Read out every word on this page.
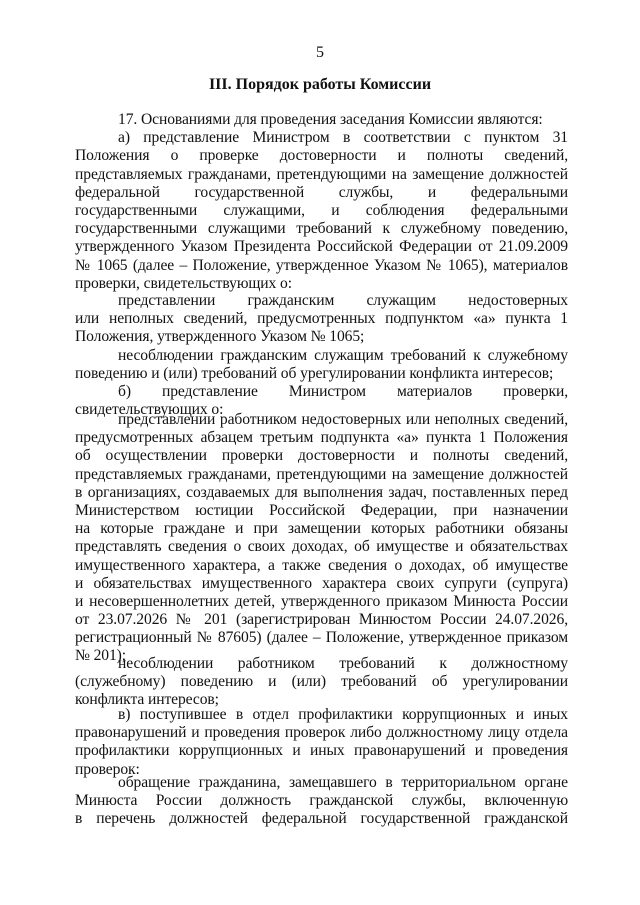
5
III. Порядок работы Комиссии
17. Основаниями для проведения заседания Комиссии являются:
а) представление Министром в соответствии с пунктом 31
Положения о проверке достоверности и полноты сведений,
представляемых гражданами, претендующими на замещение должностей
федеральной государственной службы, и федеральными
государственными служащими, и соблюдения федеральными
государственными служащими требований к служебному поведению,
утвержденного Указом Президента Российской Федерации от 21.09.2009
№ 1065 (далее – Положение, утвержденное Указом № 1065), материалов
проверки, свидетельствующих о:
представлении гражданским служащим недостоверных
или неполных сведений, предусмотренных подпунктом «а» пункта 1
Положения, утвержденного Указом № 1065;
несоблюдении гражданским служащим требований к служебному
поведению и (или) требований об урегулировании конфликта интересов;
б) представление Министром материалов проверки,
свидетельствующих о:
представлении работником недостоверных или неполных сведений,
предусмотренных абзацем третьим подпункта «а» пункта 1 Положения
об осуществлении проверки достоверности и полноты сведений,
представляемых гражданами, претендующими на замещение должностей
в организациях, создаваемых для выполнения задач, поставленных перед
Министерством юстиции Российской Федерации, при назначении
на которые граждане и при замещении которых работники обязаны
представлять сведения о своих доходах, об имуществе и обязательствах
имущественного характера, а также сведения о доходах, об имуществе
и обязательствах имущественного характера своих супруги (супруга)
и несовершеннолетних детей, утвержденного приказом Минюста России
от 23.07.2026 № 201 (зарегистрирован Минюстом России 24.07.2026,
регистрационный № 87605) (далее – Положение, утвержденное приказом
№ 201);
несоблюдении работником требований к должностному
(служебному) поведению и (или) требований об урегулировании
конфликта интересов;
в) поступившее в отдел профилактики коррупционных и иных
правонарушений и проведения проверок либо должностному лицу отдела
профилактики коррупционных и иных правонарушений и проведения
проверок:
обращение гражданина, замещавшего в территориальном органе
Минюста России должность гражданской службы, включенную
в перечень должностей федеральной государственной гражданской
